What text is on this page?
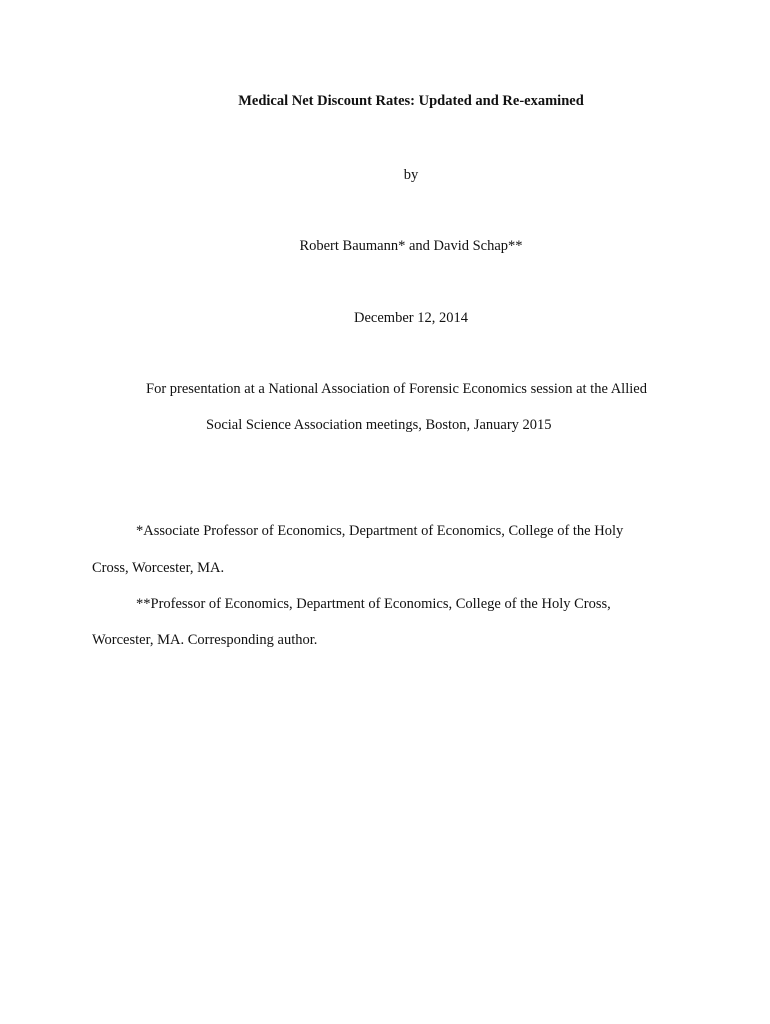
Medical Net Discount Rates: Updated and Re-examined
by
Robert Baumann* and David Schap**
December 12, 2014
For presentation at a National Association of Forensic Economics session at the Allied
Social Science Association meetings, Boston, January 2015
*Associate Professor of Economics, Department of Economics, College of the Holy
Cross, Worcester, MA.
**Professor of Economics, Department of Economics, College of the Holy Cross,
Worcester, MA. Corresponding author.
